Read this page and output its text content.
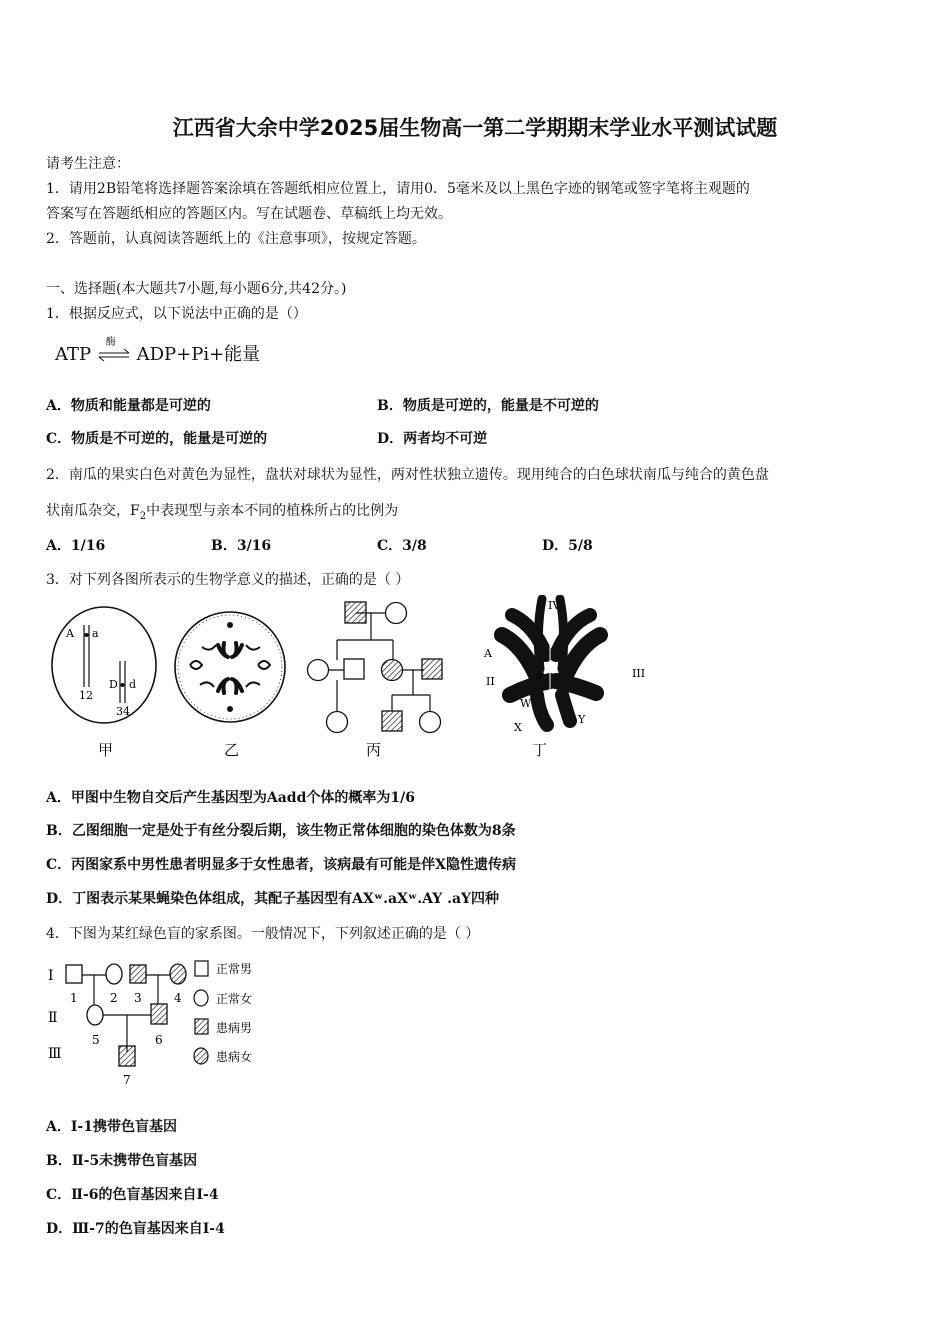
江西省大余中学2025届生物高一第二学期期末学业水平测试试题
请考生注意：
1．请用2B铅笔将选择题答案涂填在答题纸相应位置上，请用0．5毫米及以上黑色字迹的钢笔或签字笔将主观题的
答案写在答题纸相应的答题区内。写在试题卷、草稿纸上均无效。
2．答题前，认真阅读答题纸上的《注意事项》，按规定答题。
一、选择题(本大题共7小题,每小题6分,共42分。)
1．根据反应式，以下说法中正确的是（）
ATP
酶
ADP+Pi+能量
A．物质和能量都是可逆的	B．物质是可逆的，能量是不可逆的
C．物质是不可逆的，能量是可逆的	D．两者均不可逆
2．南瓜的果实白色对黄色为显性，盘状对球状为显性，两对性状独立遗传。现用纯合的白色球状南瓜与纯合的黄色盘
状南瓜杂交，$F_2$中表现型与亲本不同的植株所占的比例为
A．1/16	B．3/16	C．3/8	D．5/8
3．对下列各图所表示的生物学意义的描述，正确的是（ ）
A a
D d
12
34
甲	乙	丙
IV
II
III
A
a
W
X
Y
丁
A．甲图中生物自交后产生基因型为Aadd个体的概率为1/6
B．乙图细胞一定是处于有丝分裂后期，该生物正常体细胞的染色体数为8条
C．丙图家系中男性患者明显多于女性患者，该病最有可能是伴X隐性遗传病
D．丁图表示某果蝇染色体组成，其配子基因型有AXʷ.aXʷ.AY .aY四种
4．下图为某红绿色盲的家系图。一般情况下，下列叙述正确的是（ ）
Ⅰ
Ⅱ
Ⅲ
1	2 3	4
5	6
7
正常男
正常女
患病男
患病女
A．Ⅰ-1携带色盲基因
B．Ⅱ-5未携带色盲基因
C．Ⅱ-6的色盲基因来自Ⅰ-4
D．Ⅲ-7的色盲基因来自Ⅰ-4
